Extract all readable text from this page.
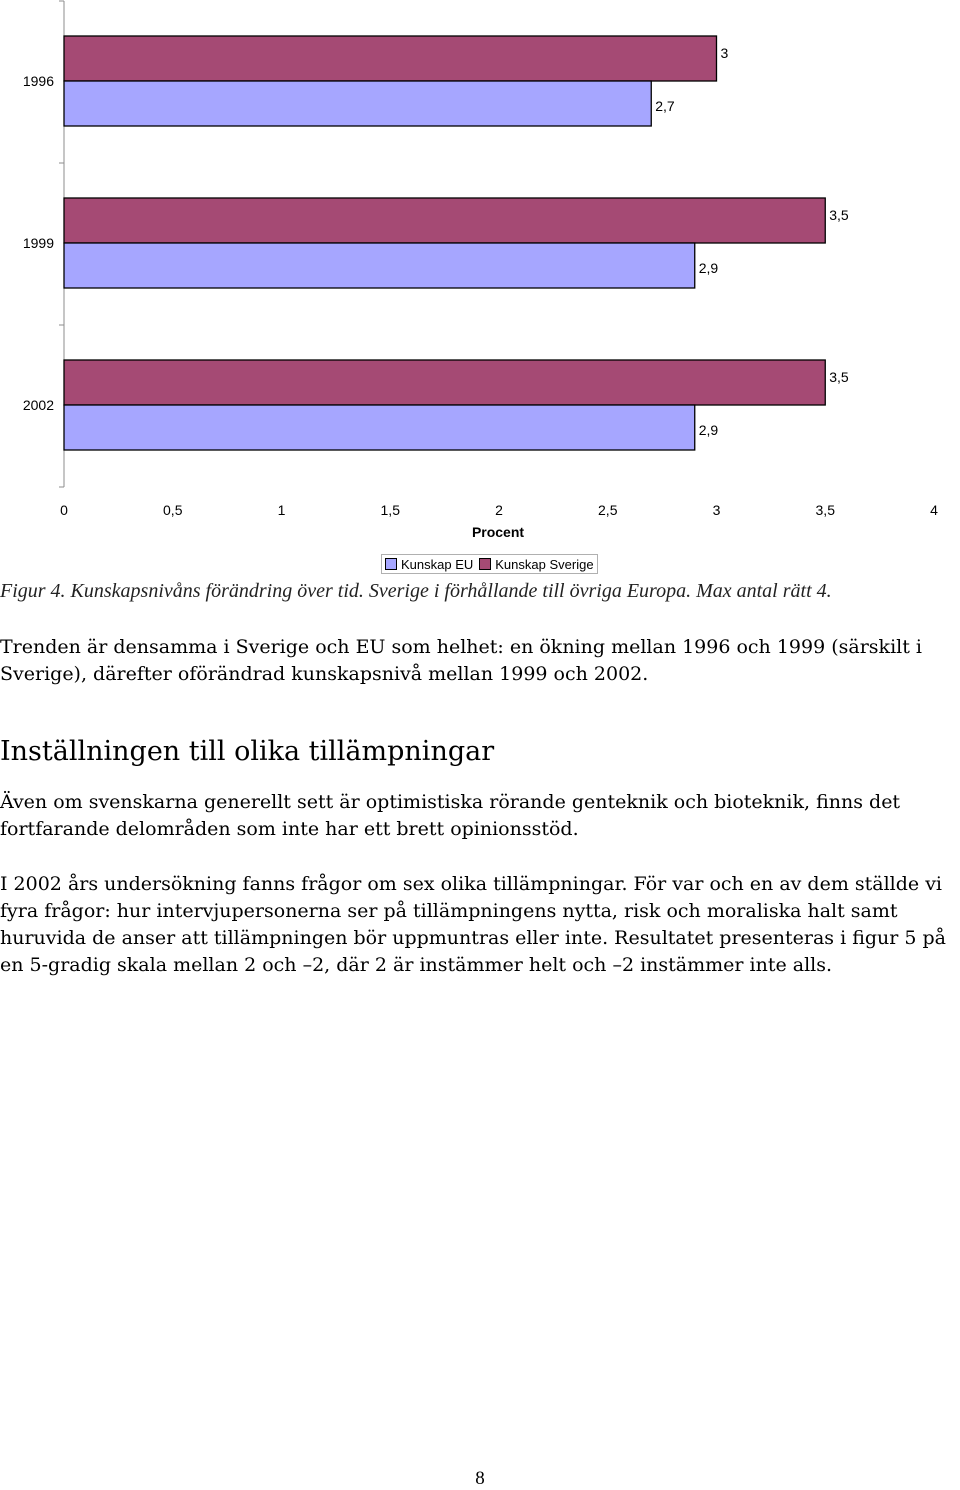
3
2,7
3,5
2,9
3,5
2,9
1996
1999
2002
0	0,5	1	1,5	2	2,5	3	3,5	4
Procent
Kunskap EU Kunskap Sverige

Figur 4. Kunskapsnivåns förändring över tid. Sverige i förhållande till övriga Europa. Max antal rätt 4.

Trenden är densamma i Sverige och EU som helhet: en ökning mellan 1996 och 1999 (särskilt i Sverige), därefter oförändrad kunskapsnivå mellan 1999 och 2002.

Inställningen till olika tillämpningar

Även om svenskarna generellt sett är optimistiska rörande genteknik och bioteknik, finns det fortfarande delområden som inte har ett brett opinionsstöd.

I 2002 års undersökning fanns frågor om sex olika tillämpningar. För var och en av dem ställde vi fyra frågor: hur intervjupersonerna ser på tillämpningens nytta, risk och moraliska halt samt huruvida de anser att tillämpningen bör uppmuntras eller inte. Resultatet presenteras i figur 5 på en 5-gradig skala mellan 2 och –2, där 2 är instämmer helt och –2 instämmer inte alls.

8
